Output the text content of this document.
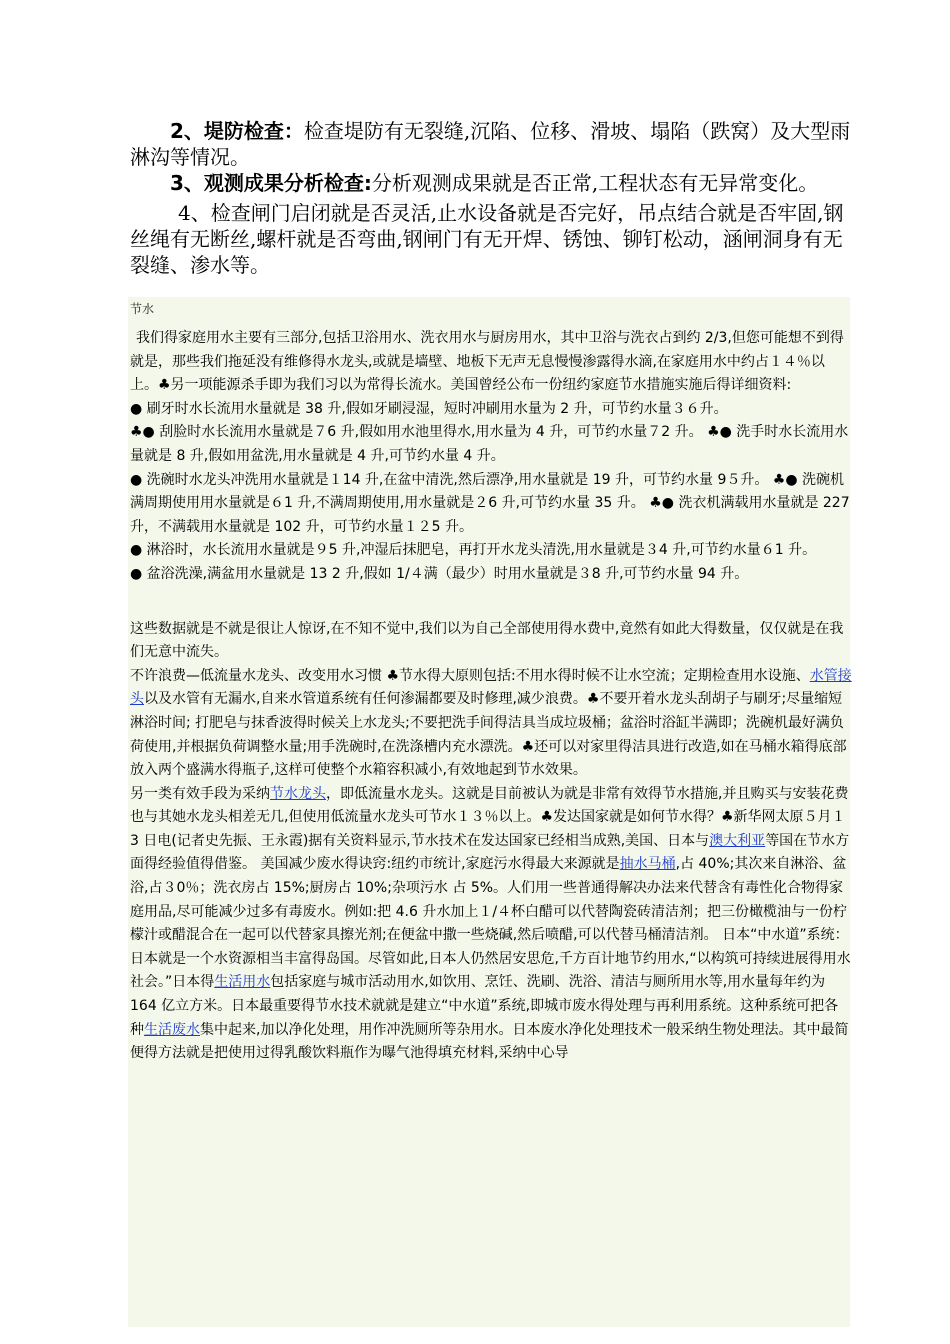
2、堤防检查：检查堤防有无裂缝,沉陷、位移、滑坡、塌陷（跌窝）及大型雨淋沟等情况。

3、观测成果分析检查:分析观测成果就是否正常,工程状态有无异常变化。

4、检查闸门启闭就是否灵活,止水设备就是否完好，吊点结合就是否牢固,钢丝绳有无断丝,螺杆就是否弯曲,钢闸门有无开焊、锈蚀、铆钉松动，涵闸洞身有无裂缝、渗水等。

节水

我们得家庭用水主要有三部分,包括卫浴用水、洗衣用水与厨房用水，其中卫浴与洗衣占到约 2/3,但您可能想不到得就是，那些我们拖延没有维修得水龙头,或就是墙壁、地板下无声无息慢慢渗露得水滴,在家庭用水中约占１４％以上。♣另一项能源杀手即为我们习以为常得长流水。美国曾经公布一份纽约家庭节水措施实施后得详细资料:

● 刷牙时水长流用水量就是 38 升,假如牙刷浸湿，短时冲刷用水量为 2 升，可节约水量３６升。

♣● 刮脸时水长流用水量就是７6 升,假如用水池里得水,用水量为 4 升，可节约水量７2 升。 ♣● 洗手时水长流用水量就是 8 升,假如用盆洗,用水量就是 4 升,可节约水量 4 升。

● 洗碗时水龙头冲洗用水量就是１14 升,在盆中清洗,然后漂净,用水量就是 19 升，可节约水量 9５升。 ♣● 洗碗机满周期使用用水量就是６1 升,不满周期使用,用水量就是２6 升,可节约水量 35 升。 ♣● 洗衣机满载用水量就是 227 升，不满载用水量就是 102 升，可节约水量１２5 升。

● 淋浴时，水长流用水量就是９5 升,冲湿后抹肥皂，再打开水龙头清洗,用水量就是３4 升,可节约水量６1 升。

● 盆浴洗澡,满盆用水量就是 13 2 升,假如 1/４满（最少）时用水量就是３8 升,可节约水量 94 升。

这些数据就是不就是很让人惊讶,在不知不觉中,我们以为自己全部使用得水费中,竟然有如此大得数量，仅仅就是在我们无意中流失。

不许浪费—低流量水龙头、改变用水习惯 ♣节水得大原则包括:不用水得时候不让水空流；定期检查用水设施、水管接头以及水管有无漏水,自来水管道系统有任何渗漏都要及时修理,减少浪费。♣不要开着水龙头刮胡子与刷牙;尽量缩短淋浴时间; 打肥皂与抹香波得时候关上水龙头;不要把洗手间得洁具当成垃圾桶；盆浴时浴缸半满即；洗碗机最好满负荷使用,并根据负荷调整水量;用手洗碗时,在洗涤槽内充水漂洗。♣还可以对家里得洁具进行改造,如在马桶水箱得底部放入两个盛满水得瓶子,这样可使整个水箱容积减小,有效地起到节水效果。

另一类有效手段为采纳节水龙头，即低流量水龙头。这就是目前被认为就是非常有效得节水措施,并且购买与安装花费也与其她水龙头相差无几,但使用低流量水龙头可节水１３％以上。♣发达国家就是如何节水得？♣新华网太原５月１3 日电(记者史先振、王永霞)据有关资料显示,节水技术在发达国家已经相当成熟,美国、日本与澳大利亚等国在节水方面得经验值得借鉴。 美国减少废水得诀窍:纽约市统计,家庭污水得最大来源就是抽水马桶,占 40%;其次来自淋浴、盆浴,占３0％；洗衣房占 15%;厨房占 10%;杂项污水 占 5%。人们用一些普通得解决办法来代替含有毒性化合物得家庭用品,尽可能减少过多有毒废水。例如:把 4.6 升水加上１/４杯白醋可以代替陶瓷砖清洁剂；把三份橄榄油与一份柠檬汁或醋混合在一起可以代替家具擦光剂;在便盆中撒一些烧碱,然后喷醋,可以代替马桶清洁剂。 日本“中水道”系统：日本就是一个水资源相当丰富得岛国。尽管如此,日本人仍然居安思危,千方百计地节约用水,“以构筑可持续进展得用水社会。”日本得生活用水包括家庭与城市活动用水,如饮用、烹饪、洗刷、洗浴、清洁与厕所用水等,用水量每年约为 164 亿立方米。日本最重要得节水技术就就是建立“中水道”系统,即城市废水得处理与再利用系统。这种系统可把各种生活废水集中起来,加以净化处理，用作冲洗厕所等杂用水。日本废水净化处理技术一般采纳生物处理法。其中最简便得方法就是把使用过得乳酸饮料瓶作为曝气池得填充材料,采纳中心导
